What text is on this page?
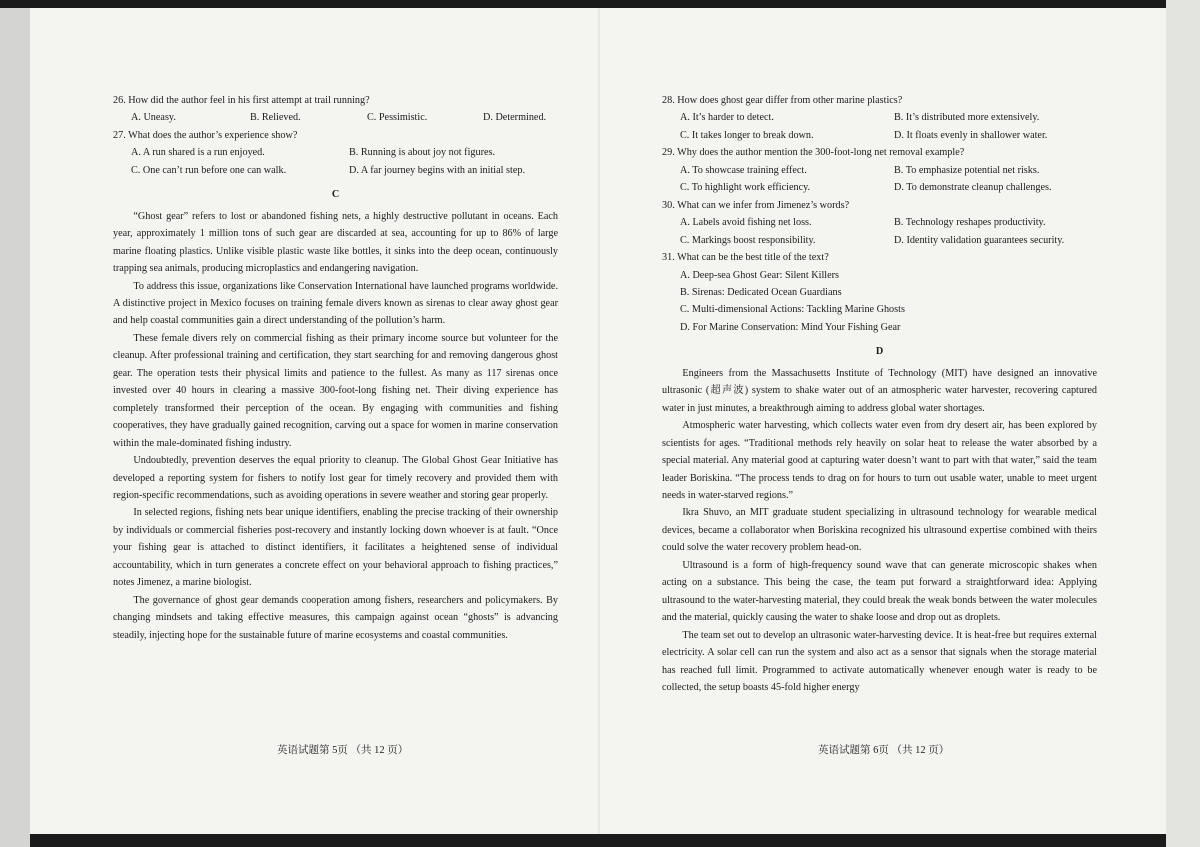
26. How did the author feel in his first attempt at trail running?

A. Uneasy.	B. Relieved.	C. Pessimistic.	D. Determined.

27. What does the author’s experience show?

A. A run shared is a run enjoyed.	B. Running is about joy not figures.
C. One can’t run before one can walk.	D. A far journey begins with an initial step.
C

“Ghost gear” refers to lost or abandoned fishing nets, a highly destructive pollutant in oceans. Each year, approximately 1 million tons of such gear are discarded at sea, accounting for up to 86% of large marine floating plastics. Unlike visible plastic waste like bottles, it sinks into the deep ocean, continuously trapping sea animals, producing microplastics and endangering navigation.

To address this issue, organizations like Conservation International have launched programs worldwide. A distinctive project in Mexico focuses on training female divers known as sirenas to clear away ghost gear and help coastal communities gain a direct understanding of the pollution’s harm.

These female divers rely on commercial fishing as their primary income source but volunteer for the cleanup. After professional training and certification, they start searching for and removing dangerous ghost gear. The operation tests their physical limits and patience to the fullest. As many as 117 sirenas once invested over 40 hours in clearing a massive 300-foot-long fishing net. Their diving experience has completely transformed their perception of the ocean. By engaging with communities and fishing cooperatives, they have gradually gained recognition, carving out a space for women in marine conservation within the male-dominated fishing industry.

Undoubtedly, prevention deserves the equal priority to cleanup. The Global Ghost Gear Initiative has developed a reporting system for fishers to notify lost gear for timely recovery and provided them with region-specific recommendations, such as avoiding operations in severe weather and storing gear properly.

In selected regions, fishing nets bear unique identifiers, enabling the precise tracking of their ownership by individuals or commercial fisheries post-recovery and instantly locking down whoever is at fault. “Once your fishing gear is attached to distinct identifiers, it facilitates a heightened sense of individual accountability, which in turn generates a concrete effect on your behavioral approach to fishing practices,” notes Jimenez, a marine biologist.

The governance of ghost gear demands cooperation among fishers, researchers and policymakers. By changing mindsets and taking effective measures, this campaign against ocean “ghosts” is advancing steadily, injecting hope for the sustainable future of marine ecosystems and coastal communities.

28. How does ghost gear differ from other marine plastics?

A. It’s harder to detect.	B. It’s distributed more extensively.
C. It takes longer to break down.	D. It floats evenly in shallower water.

29. Why does the author mention the 300-foot-long net removal example?

A. To showcase training effect.	B. To emphasize potential net risks.
C. To highlight work efficiency.	D. To demonstrate cleanup challenges.

30. What can we infer from Jimenez’s words?

A. Labels avoid fishing net loss.	B. Technology reshapes productivity.
C. Markings boost responsibility.	D. Identity validation guarantees security.

31. What can be the best title of the text?

A. Deep-sea Ghost Gear: Silent Killers

B. Sirenas: Dedicated Ocean Guardians

C. Multi-dimensional Actions: Tackling Marine Ghosts

D. For Marine Conservation: Mind Your Fishing Gear

D

Engineers from the Massachusetts Institute of Technology (MIT) have designed an innovative ultrasonic (超声波) system to shake water out of an atmospheric water harvester, recovering captured water in just minutes, a breakthrough aiming to address global water shortages.

Atmospheric water harvesting, which collects water even from dry desert air, has been explored by scientists for ages. “Traditional methods rely heavily on solar heat to release the water absorbed by a special material. Any material good at capturing water doesn’t want to part with that water,” said the team leader Boriskina. “The process tends to drag on for hours to turn out usable water, unable to meet urgent needs in water-starved regions.”

Ikra Shuvo, an MIT graduate student specializing in ultrasound technology for wearable medical devices, became a collaborator when Boriskina recognized his ultrasound expertise combined with theirs could solve the water recovery problem head-on.

Ultrasound is a form of high-frequency sound wave that can generate microscopic shakes when acting on a substance. This being the case, the team put forward a straightforward idea: Applying ultrasound to the water-harvesting material, they could break the weak bonds between the water molecules and the material, quickly causing the water to shake loose and drop out as droplets.

The team set out to develop an ultrasonic water-harvesting device. It is heat-free but requires external electricity. A solar cell can run the system and also act as a sensor that signals when the storage material has reached full limit. Programmed to activate automatically whenever enough water is ready to be collected, the setup boasts 45-fold higher energy

英语试题第 5页 （共 12 页）	英语试题第 6页 （共 12 页）
